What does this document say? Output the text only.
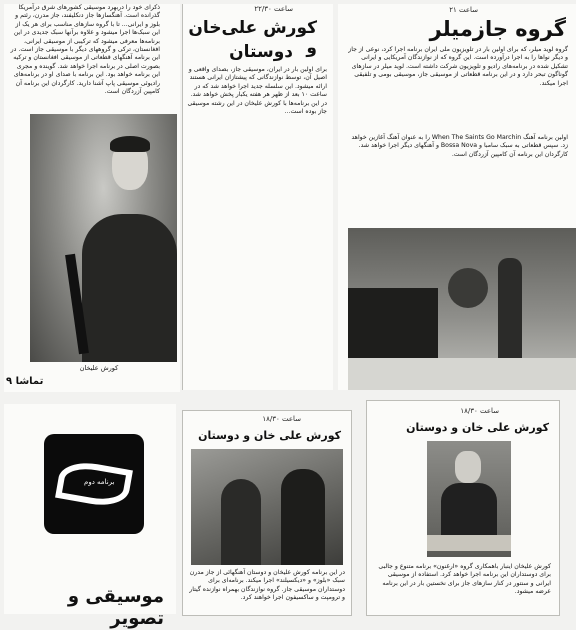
ذکرای خود را دربهرد موسیقی کشورهای شرق درآمریکا گذرانده است. آهنگسازها جاز دنکلیفند، جاز مدرن، رئتم و بلوز و ایرانی... تا با گروه سازهای مناسب برای هر یک از این سبک‌ها اجرا میشود و علاوه برآنها سبک جدیدی در این برنامه‌ها معرفی میشود که ترکیبی از موسیقی ایرانی، افغانستان، ترکی و گروههای دیگر با موسیقی جاز است. در این برنامه آهنگهای قطعاتی از موسیقی افغانستان و ترکیه بصورت اصلی در برنامه اجرا خواهد شد. گوینده و مجری این برنامه خواهد بود. این برنامه با صدای او در برنامه‌های رادیوئی موسیقی پاپ آشنا دارید. کارگردان این برنامه آن کامپین آزردگان است.

کورش علیخان
تماشا ۹
ساعت ۲۲/۳۰
کورش علی‌خان و
دوستان

برای اولین بار در ایران، موسیقی جاز، بصدای واقعی و اصیل آن، توسط نوازندگانی که پیشتازان ایرانی هستند ارائه میشود. این سلسله جدید اجرا خواهد شد که در ساعت ۱۰ بعد از ظهر هر هفته یکبار پخش خواهد شد. در این برنامه‌ها با کورش علیخان در این رشته موسیقی جاز بوده است...

ساعت ۲۱
گروه جازمیلر

گروه لوید میلر، که برای اولین بار در تلویزیون ملی ایران برنامه اجرا کرد، نوعی از جاز و دیگر نواها را به اجرا درآورده است. این گروه که از نوازندگان آمریکایی و ایرانی تشکیل شده در برنامه‌های رادیو و تلویزیون شرکت داشته است. لوید میلر در سازهای گوناگون تبحر دارد و در این برنامه قطعاتی از موسیقی جاز، موسیقی بومی و تلفیقی اجرا میکند.

اولین برنامه آهنگ When The Saints Go Marchin را به عنوان آهنگ آغازین خواهد زد. سپس قطعاتی به سبک سامبا و Bossa Nova و آهنگهای دیگر اجرا خواهد شد. کارگردان این برنامه آن کامپین آزردگان است.

برنامه دوم
موسیقی و تصویر
ساعت ۱۸/۳۰
کورش علی خان و دوستان

در این برنامه کورش علیخان و دوستان آهنگهائی از جاز مدرن سبک «بلوز» و «دیکسیلند» اجرا میکند. برنامه‌ای برای دوستداران موسیقی جاز. گروه نوازندگان بهمراه نوازنده گیتار و ترومپت و ساکسیفون اجرا خواهند کرد.

ساعت ۱۸/۳۰
کورش علی خان و دوستان

کورش علیخان اینبار باهمکاری گروه «ارغنون» برنامه متنوع و جالبی برای دوستداران این برنامه اجرا خواهد کرد. استفاده از موسیقی ایرانی و سنتور در کنار سازهای جاز برای نخستین بار در این برنامه عرضه میشود.
